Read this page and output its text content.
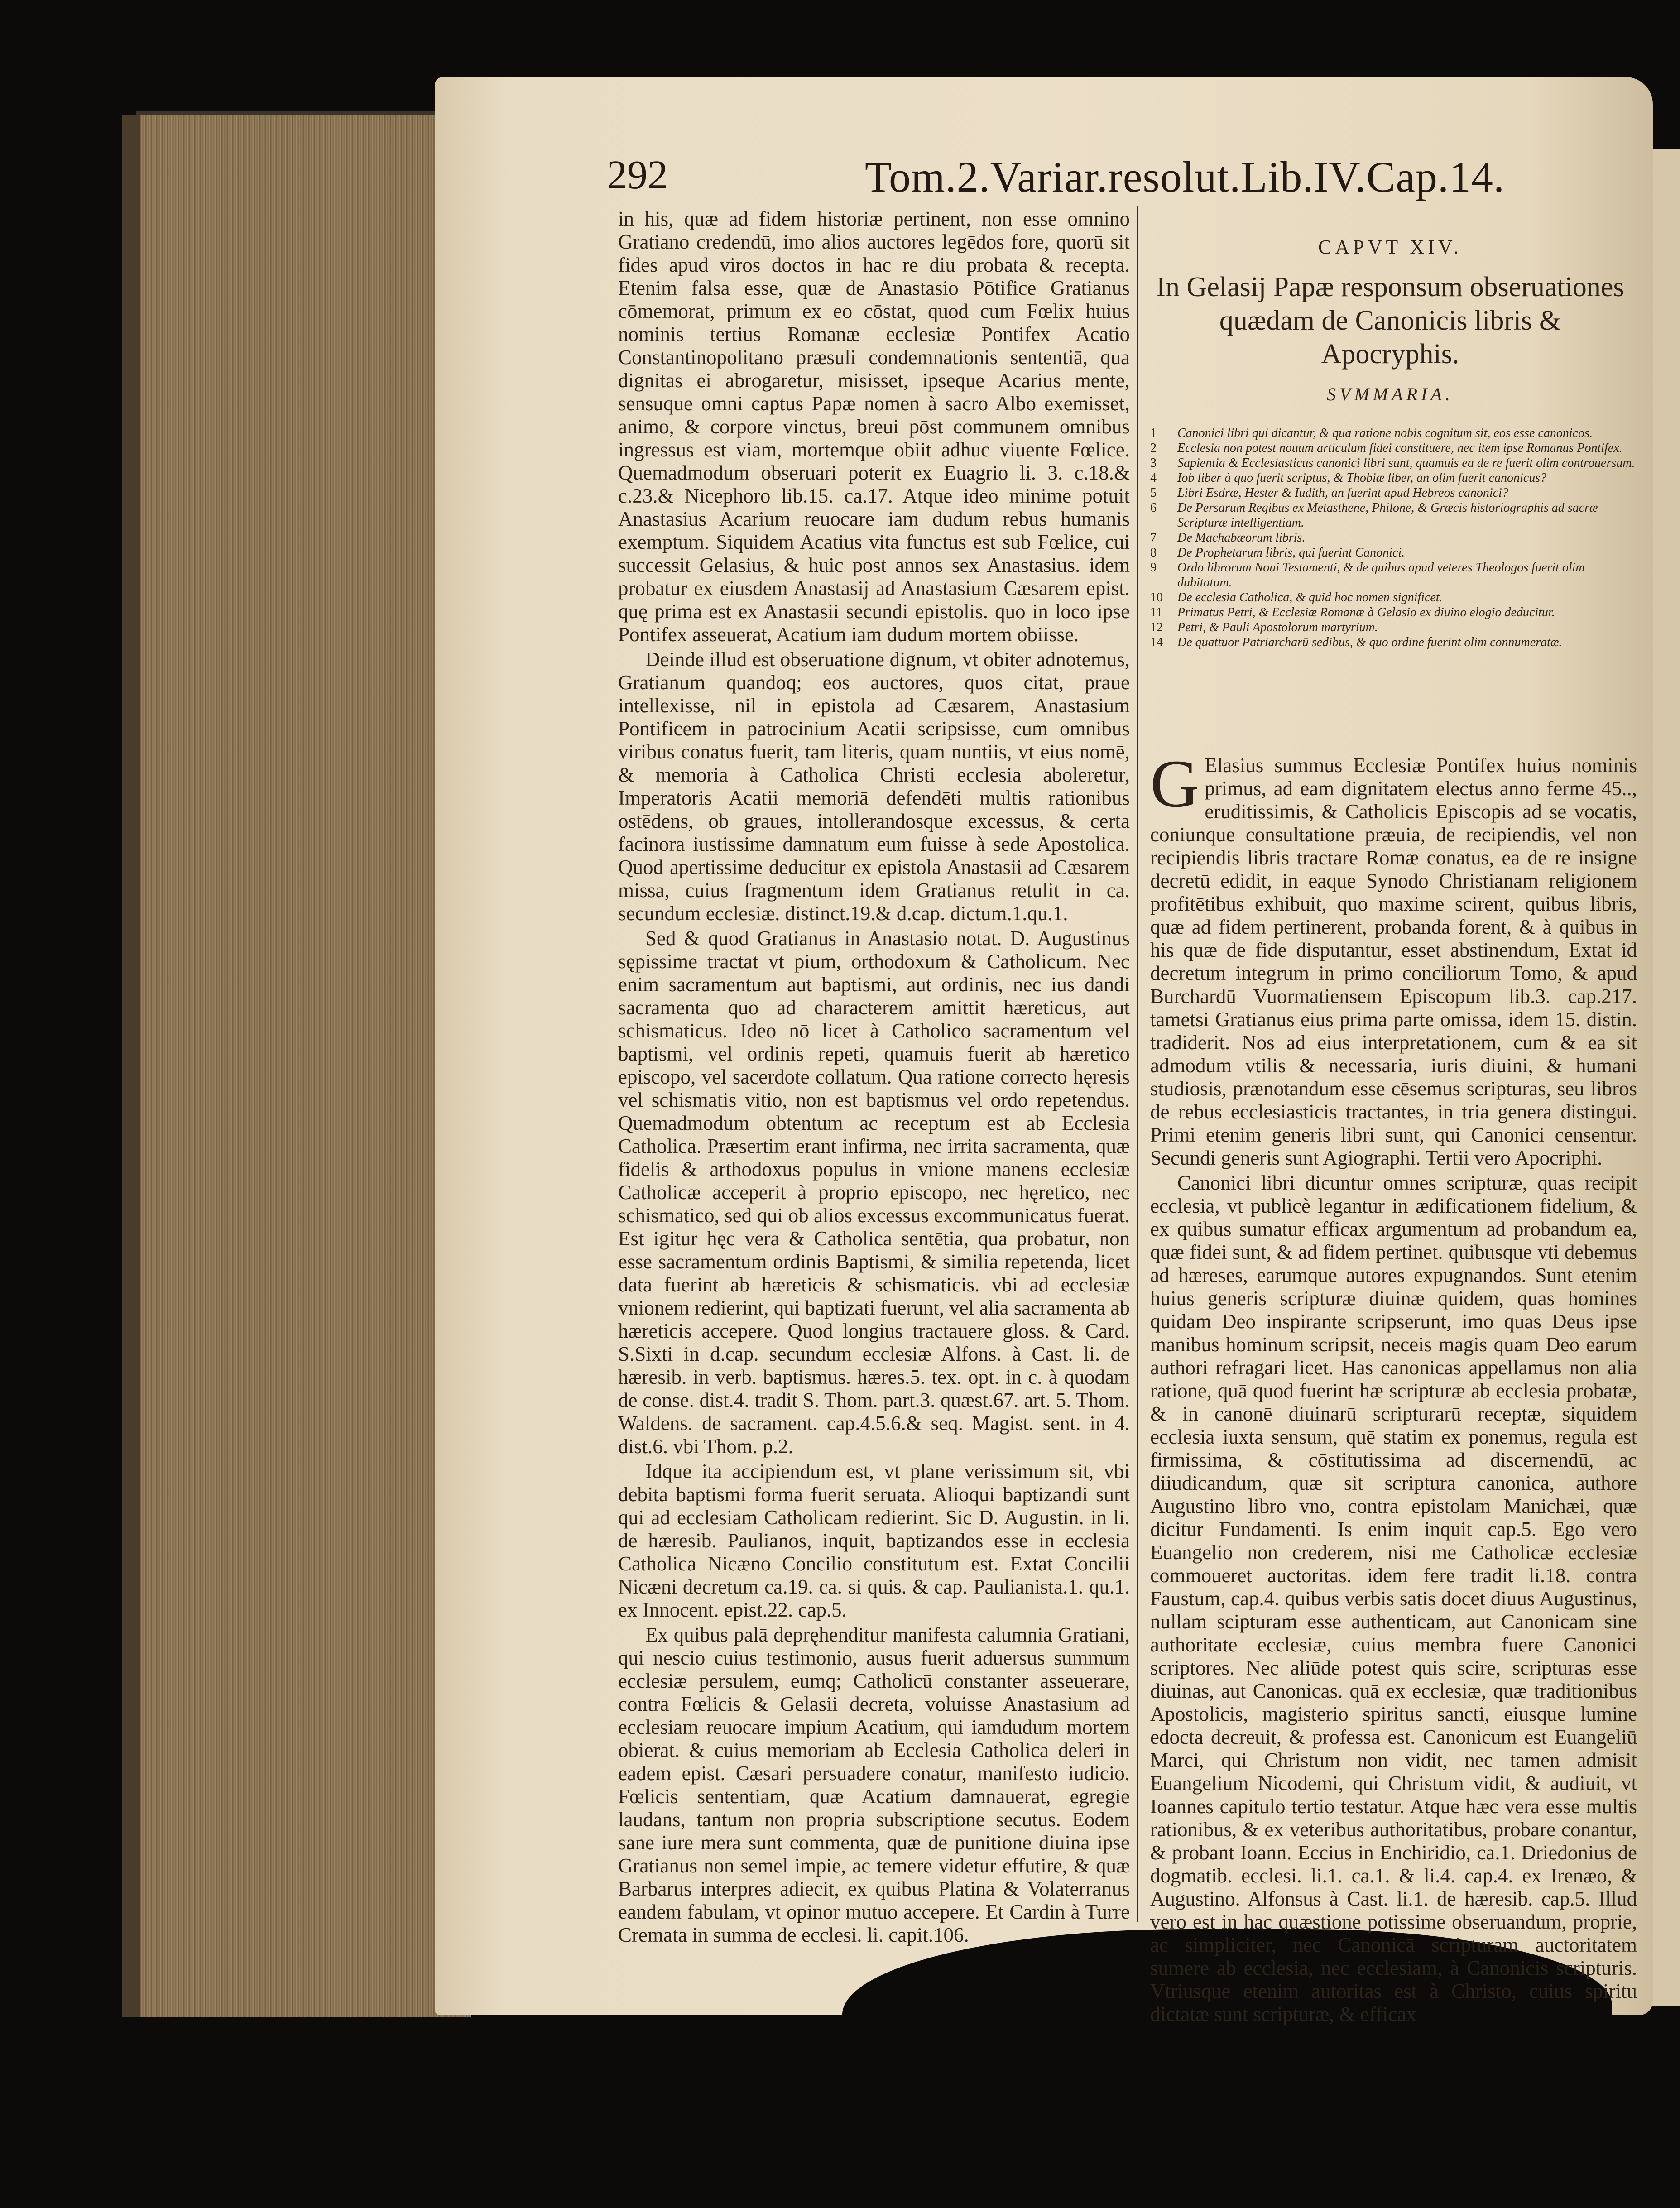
292	Tom.2.Variar.resolut.Lib.IV.Cap.14.

in his, quæ ad fidem historiæ pertinent, non esse omnino Gratiano credendū, imo alios auctores legēdos fore, quorū sit fides apud viros doctos in hac re diu probata & recepta. Etenim falsa esse, quæ de Anastasio Pōtifice Gratianus cōmemorat, primum ex eo cōstat, quod cum Fœlix huius nominis tertius Romanæ ecclesiæ Pontifex Acatio Constantinopolitano præsuli condemnationis sententiā, qua dignitas ei abrogaretur, misisset, ipseque Acarius mente, sensuque omni captus Papæ nomen à sacro Albo exemisset, animo, & corpore vinctus, breui pōst communem omnibus ingressus est viam, mortemque obiit adhuc viuente Fœlice. Quemadmodum obseruari poterit ex Euagrio li. 3. c.18.& c.23.& Nicephoro lib.15. ca.17. Atque ideo minime potuit Anastasius Acarium reuocare iam dudum rebus humanis exemptum. Siquidem Acatius vita functus est sub Fœlice, cui successit Gelasius, & huic post annos sex Anastasius. idem probatur ex eiusdem Anastasij ad Anastasium Cæsarem epist. quę prima est ex Anastasii secundi epistolis. quo in loco ipse Pontifex asseuerat, Acatium iam dudum mortem obiisse.

Deinde illud est obseruatione dignum, vt obiter adnotemus, Gratianum quandoq; eos auctores, quos citat, praue intellexisse, nil in epistola ad Cæsarem, Anastasium Pontificem in patrocinium Acatii scripsisse, cum omnibus viribus conatus fuerit, tam literis, quam nuntiis, vt eius nomē, & memoria à Catholica Christi ecclesia aboleretur, Imperatoris Acatii memoriā defendēti multis rationibus ostēdens, ob graues, intollerandosque excessus, & certa facinora iustissime damnatum eum fuisse à sede Apostolica. Quod apertissime deducitur ex epistola Anastasii ad Cæsarem missa, cuius fragmentum idem Gratianus retulit in ca. secundum ecclesiæ. distinct.19.& d.cap. dictum.1.qu.1.

Sed & quod Gratianus in Anastasio notat. D. Augustinus sępissime tractat vt pium, orthodoxum & Catholicum. Nec enim sacramentum aut baptismi, aut ordinis, nec ius dandi sacramenta quo ad characterem amittit hæreticus, aut schismaticus. Ideo nō licet à Catholico sacramentum vel baptismi, vel ordinis repeti, quamuis fuerit ab hæretico episcopo, vel sacerdote collatum. Qua ratione correcto hęresis vel schismatis vitio, non est baptismus vel ordo repetendus. Quemadmodum obtentum ac receptum est ab Ecclesia Catholica. Præsertim erant infirma, nec irrita sacramenta, quæ fidelis & arthodoxus populus in vnione manens ecclesiæ Catholicæ acceperit à proprio episcopo, nec hęretico, nec schismatico, sed qui ob alios excessus excommunicatus fuerat. Est igitur hęc vera & Catholica sentētia, qua probatur, non esse sacramentum ordinis Baptismi, & similia repetenda, licet data fuerint ab hæreticis & schismaticis. vbi ad ecclesiæ vnionem redierint, qui baptizati fuerunt, vel alia sacramenta ab hæreticis accepere. Quod longius tractauere gloss. & Card. S.Sixti in d.cap. secundum ecclesiæ Alfons. à Cast. li. de hæresib. in verb. baptismus. hæres.5. tex. opt. in c. à quodam de conse. dist.4. tradit S. Thom. part.3. quæst.67. art. 5. Thom. Waldens. de sacrament. cap.4.5.6.& seq. Magist. sent. in 4. dist.6. vbi Thom. p.2.

Idque ita accipiendum est, vt plane verissimum sit, vbi debita baptismi forma fuerit seruata. Alioqui baptizandi sunt qui ad ecclesiam Catholicam redierint. Sic D. Augustin. in li. de hæresib. Paulianos, inquit, baptizandos esse in ecclesia Catholica Nicæno Concilio constitutum est. Extat Concilii Nicæni decretum ca.19. ca. si quis. & cap. Paulianista.1. qu.1. ex Innocent. epist.22. cap.5.

Ex quibus palā depręhenditur manifesta calumnia Gratiani, qui nescio cuius testimonio, ausus fuerit aduersus summum ecclesiæ persulem, eumq; Catholicū constanter asseuerare, contra Fœlicis & Gelasii decreta, voluisse Anastasium ad ecclesiam reuocare impium Acatium, qui iamdudum mortem obierat. & cuius memoriam ab Ecclesia Catholica deleri in eadem epist. Cæsari persuadere conatur, manifesto iudicio. Fœlicis sententiam, quæ Acatium damnauerat, egregie laudans, tantum non propria subscriptione secutus. Eodem sane iure mera sunt commenta, quæ de punitione diuina ipse Gratianus non semel impie, ac temere videtur effutire, & quæ Barbarus interpres adiecit, ex quibus Platina & Volaterranus eandem fabulam, vt opinor mutuo accepere. Et Cardin à Turre Cremata in summa de ecclesi. li. capit.106.

CAPVT XIV.
In Gelasij Papæ responsum obseruationes quædam de Canonicis libris & Apocryphis.
SVMMARIA.
1	Canonici libri qui dicantur, & qua ratione nobis cognitum sit, eos esse canonicos.
2	Ecclesia non potest nouum articulum fidei constituere, nec item ipse Romanus Pontifex.
3	Sapientia & Ecclesiasticus canonici libri sunt, quamuis ea de re fuerit olim controuersum.
4	Iob liber à quo fuerit scriptus, & Thobiæ liber, an olim fuerit canonicus?
5	Libri Esdræ, Hester & Iudith, an fuerint apud Hebreos canonici?
6	De Persarum Regibus ex Metasthene, Philone, & Græcis historiographis ad sacræ Scripturæ intelligentiam.
7	De Machabæorum libris.
8	De Prophetarum libris, qui fuerint Canonici.
9	Ordo librorum Noui Testamenti, & de quibus apud veteres Theologos fuerit olim dubitatum.
10	De ecclesia Catholica, & quid hoc nomen significet.
11	Primatus Petri, & Ecclesiæ Romanæ à Gelasio ex diuino elogio deducitur.
12	Petri, & Pauli Apostolorum martyrium.
14	De quattuor Patriarcharū sedibus, & quo ordine fuerint olim connumeratæ.

G Elasius summus Ecclesiæ Pontifex huius nominis primus, ad eam dignitatem electus anno ferme 45.., eruditissimis, & Catholicis Episcopis ad se vocatis, coniunque consultatione præuia, de recipiendis, vel non recipiendis libris tractare Romæ conatus, ea de re insigne decretū edidit, in eaque Synodo Christianam religionem profitētibus exhibuit, quo maxime scirent, quibus libris, quæ ad fidem pertinerent, probanda forent, & à quibus in his quæ de fide disputantur, esset abstinendum, Extat id decretum integrum in primo conciliorum Tomo, & apud Burchardū Vuormatiensem Episcopum lib.3. cap.217. tametsi Gratianus eius prima parte omissa, idem 15. distin. tradiderit. Nos ad eius interpretationem, cum & ea sit admodum vtilis & necessaria, iuris diuini, & humani studiosis, prænotandum esse cēsemus scripturas, seu libros de rebus ecclesiasticis tractantes, in tria genera distingui. Primi etenim generis libri sunt, qui Canonici censentur. Secundi generis sunt Agiographi. Tertii vero Apocriphi.

Canonici libri dicuntur omnes scripturæ, quas recipit ecclesia, vt publicè legantur in ædificationem fidelium, & ex quibus sumatur efficax argumentum ad probandum ea, quæ fidei sunt, & ad fidem pertinet. quibusque vti debemus ad hæreses, earumque autores expugnandos. Sunt etenim huius generis scripturæ diuinæ quidem, quas homines quidam Deo inspirante scripserunt, imo quas Deus ipse manibus hominum scripsit, neceis magis quam Deo earum authori refragari licet. Has canonicas appellamus non alia ratione, quā quod fuerint hæ scripturæ ab ecclesia probatæ, & in canonē diuinarū scripturarū receptæ, siquidem ecclesia iuxta sensum, quē statim ex ponemus, regula est firmissima, & cōstitutissima ad discernendū, ac diiudicandum, quæ sit scriptura canonica, authore Augustino libro vno, contra epistolam Manichæi, quæ dicitur Fundamenti. Is enim inquit cap.5. Ego vero Euangelio non crederem, nisi me Catholicæ ecclesiæ commoueret auctoritas. idem fere tradit li.18. contra Faustum, cap.4. quibus verbis satis docet diuus Augustinus, nullam scipturam esse authenticam, aut Canonicam sine authoritate ecclesiæ, cuius membra fuere Canonici scriptores. Nec aliūde potest quis scire, scripturas esse diuinas, aut Canonicas. quā ex ecclesiæ, quæ traditionibus Apostolicis, magisterio spiritus sancti, eiusque lumine edocta decreuit, & professa est. Canonicum est Euangeliū Marci, qui Christum non vidit, nec tamen admisit Euangelium Nicodemi, qui Christum vidit, & audiuit, vt Ioannes capitulo tertio testatur. Atque hæc vera esse multis rationibus, & ex veteribus authoritatibus, probare conantur, & probant Ioann. Eccius in Enchiridio, ca.1. Driedonius de dogmatib. ecclesi. li.1. ca.1. & li.4. cap.4. ex Irenæo, & Augustino. Alfonsus à Cast. li.1. de hæresib. cap.5. Illud vero est in hac quæstione potissime obseruandum, proprie, ac simpliciter, nec Canonicā scripturam auctoritatem sumere ab ecclesia, nec ecclesiam, à Canonicis scripturis. Vtriusque etenim autoritas est à Christo, cuius spiritu dictatæ sunt scripturæ, & efficax
